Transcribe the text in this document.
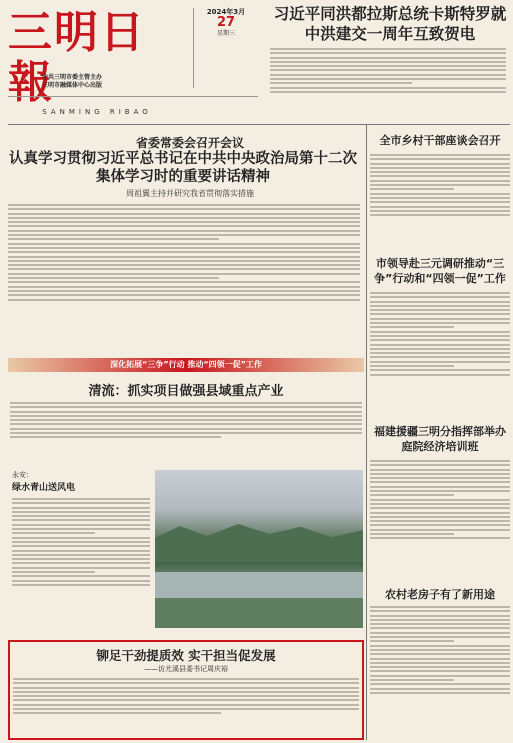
三明日報
SANMING RIBAO
2024年3月
27
星期三
中共三明市委主管主办
三明市融媒体中心出版
习近平同洪都拉斯总统卡斯特罗就中洪建交一周年互致贺电
省委常委会召开会议
认真学习贯彻习近平总书记在中共中央政治局第十二次集体学习时的重要讲话精神
周祖翼主持并研究我省贯彻落实措施
全市乡村干部座谈会召开
市领导赴三元调研推动“三争”行动和“四领一促”工作
福建援疆三明分指挥部举办庭院经济培训班
农村老房子有了新用途
深化拓展“三争”行动 推动“四领一促”工作
清流：抓实项目做强县域重点产业
永安：
绿水青山送风电
铆足干劲提质效 实干担当促发展
——访尤溪县委书记周庆裕
